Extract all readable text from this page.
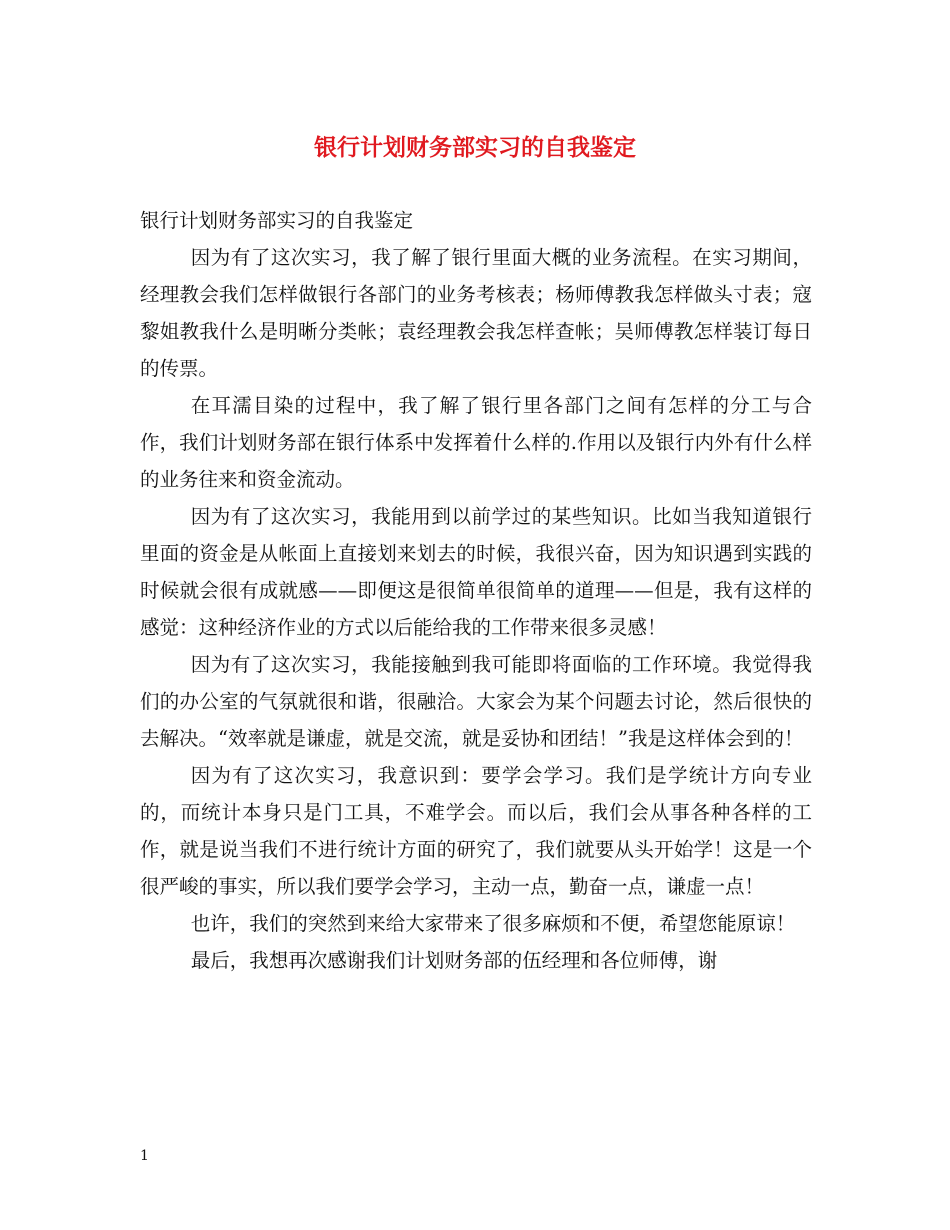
银行计划财务部实习的自我鉴定

银行计划财务部实习的自我鉴定

因为有了这次实习，我了解了银行里面大概的业务流程。在实习期间，经理教会我们怎样做银行各部门的业务考核表；杨师傅教我怎样做头寸表；寇黎姐教我什么是明晰分类帐；袁经理教会我怎样查帐；吴师傅教怎样装订每日的传票。

在耳濡目染的过程中，我了解了银行里各部门之间有怎样的分工与合作，我们计划财务部在银行体系中发挥着什么样的.作用以及银行内外有什么样的业务往来和资金流动。

因为有了这次实习，我能用到以前学过的某些知识。比如当我知道银行里面的资金是从帐面上直接划来划去的时候，我很兴奋，因为知识遇到实践的时候就会很有成就感——即便这是很简单很简单的道理——但是，我有这样的感觉：这种经济作业的方式以后能给我的工作带来很多灵感！

因为有了这次实习，我能接触到我可能即将面临的工作环境。我觉得我们的办公室的气氛就很和谐，很融洽。大家会为某个问题去讨论，然后很快的去解决。“效率就是谦虚，就是交流，就是妥协和团结！”我是这样体会到的！

因为有了这次实习，我意识到：要学会学习。我们是学统计方向专业的，而统计本身只是门工具，不难学会。而以后，我们会从事各种各样的工作，就是说当我们不进行统计方面的研究了，我们就要从头开始学！这是一个很严峻的事实，所以我们要学会学习，主动一点，勤奋一点，谦虚一点！

也许，我们的突然到来给大家带来了很多麻烦和不便，希望您能原谅！

最后，我想再次感谢我们计划财务部的伍经理和各位师傅，谢

1
